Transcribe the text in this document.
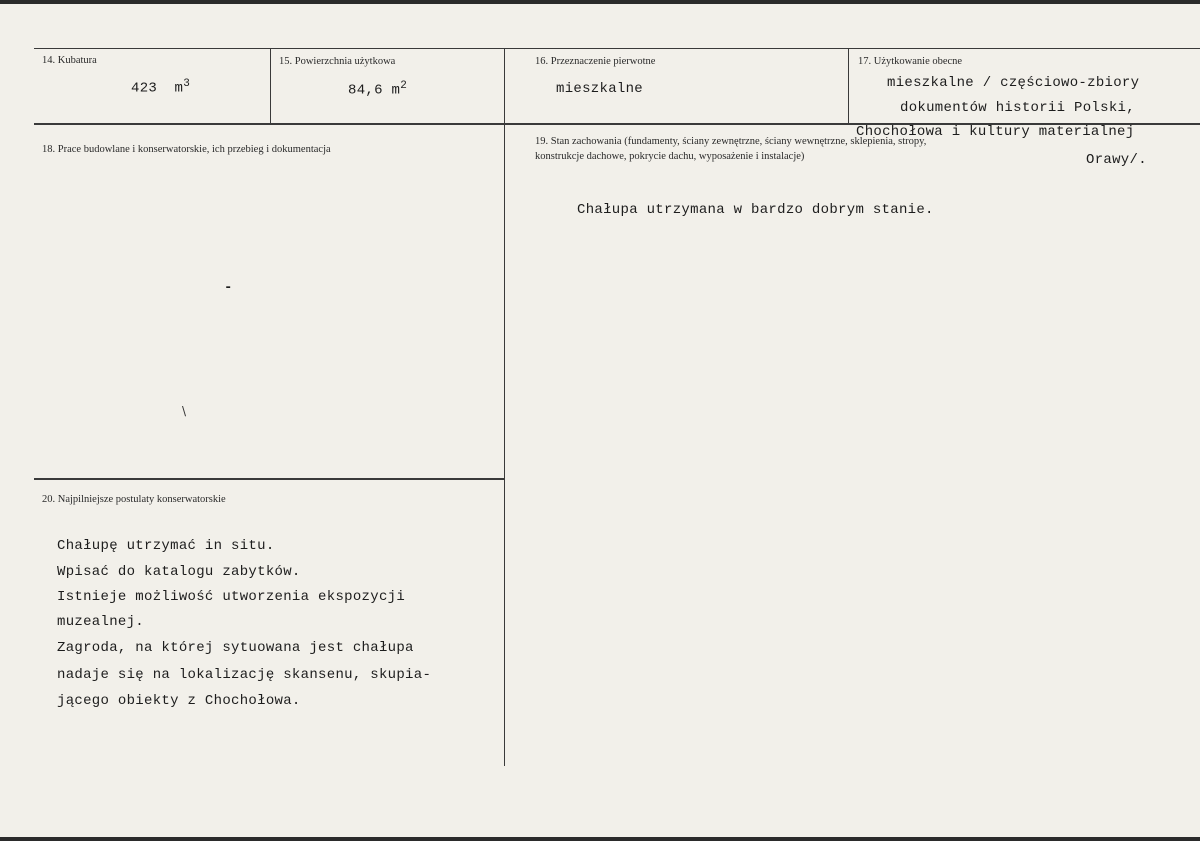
14. Kubatura
423  $m^3$
15. Powierzchnia użytkowa
84,6 $m^2$
16. Przeznaczenie pierwotne
mieszkalne
17. Użytkowanie obecne
mieszkalne / częściowo-zbiory
dokumentów historii Polski,
Chochołowa i kultury materialnej
Orawy/.
18. Prace budowlane i konserwatorskie, ich przebieg i dokumentacja
-
\
19. Stan zachowania (fundamenty, ściany zewnętrzne, ściany wewnętrzne, sklepienia, stropy,
konstrukcje dachowe, pokrycie dachu, wyposażenie i instalacje)
Chałupa utrzymana w bardzo dobrym stanie.
20. Najpilniejsze postulaty konserwatorskie
Chałupę utrzymać in situ.
Wpisać do katalogu zabytków.
Istnieje możliwość utworzenia ekspozycji
muzealnej.
Zagroda, na której sytuowana jest chałupa
nadaje się na lokalizację skansenu, skupia-
jącego obiekty z Chochołowa.
